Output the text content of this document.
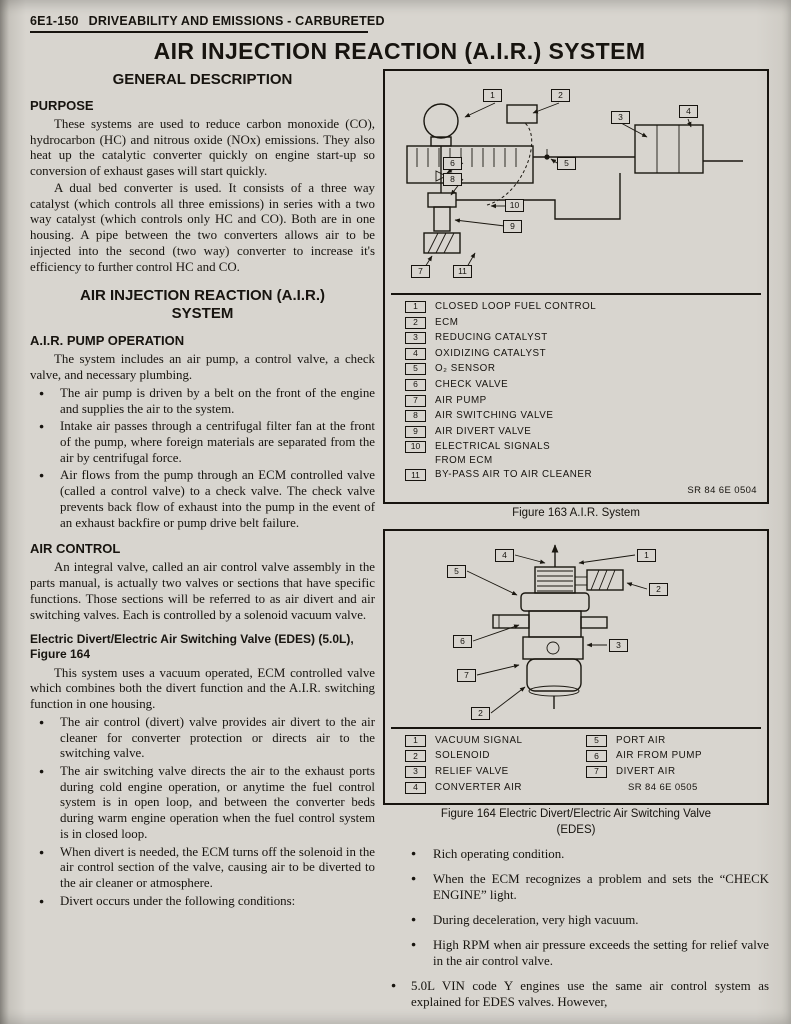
6E1-150 DRIVEABILITY AND EMISSIONS - CARBURETED
AIR INJECTION REACTION (A.I.R.) SYSTEM
GENERAL DESCRIPTION
PURPOSE

These systems are used to reduce carbon monoxide (CO), hydrocarbon (HC) and nitrous oxide (NOx) emissions. They also heat up the catalytic converter quickly on engine start-up so conversion of exhaust gases will start quickly.

A dual bed converter is used. It consists of a three way catalyst (which controls all three emissions) in series with a two way catalyst (which controls only HC and CO). Both are in one housing. A pipe between the two converters allows air to be injected into the second (two way) converter to increase it's efficiency to further control HC and CO.

AIR INJECTION REACTION (A.I.R.) SYSTEM
A.I.R. PUMP OPERATION

The system includes an air pump, a control valve, a check valve, and necessary plumbing.

● The air pump is driven by a belt on the front of the engine and supplies the air to the system.
● Intake air passes through a centrifugal filter fan at the front of the pump, where foreign materials are separated from the air by centrifugal force.
● Air flows from the pump through an ECM controlled valve (called a control valve) to a check valve. The check valve prevents back flow of exhaust into the pump in the event of an exhaust backfire or pump drive belt failure.
AIR CONTROL

An integral valve, called an air control valve assembly in the parts manual, is actually two valves or sections that have specific functions. Those sections will be referred to as air divert and air switching valves. Each is controlled by a solenoid vacuum valve.

Electric Divert/Electric Air Switching Valve (EDES) (5.0L), Figure 164

This system uses a vacuum operated, ECM controlled valve which combines both the divert function and the A.I.R. switching function in one housing.

● The air control (divert) valve provides air divert to the air cleaner for converter protection or directs air to the switching valve.
● The air switching valve directs the air to the exhaust ports during cold engine operation, or anytime the fuel control system is in open loop, and between the converter beds during warm engine operation when the fuel control system is in closed loop.
● When divert is needed, the ECM turns off the solenoid in the air control section of the valve, causing air to be diverted to the air cleaner or atmosphere.
● Divert occurs under the following conditions:
1	2
3
4
5
6
7
8
9
10
11
1	CLOSED LOOP FUEL CONTROL
2	ECM
3	REDUCING CATALYST
4	OXIDIZING CATALYST
5	O₂ SENSOR
6	CHECK VALVE
7	AIR PUMP
8	AIR SWITCHING VALVE
9	AIR DIVERT VALVE
10	ELECTRICAL SIGNALS
FROM ECM
11	BY-PASS AIR TO AIR CLEANER
SR 84 6E 0504
Figure 163 A.I.R. System
4	1
5
2
6	3
7
2
1	VACUUM SIGNAL
2	SOLENOID
3	RELIEF VALVE
4	CONVERTER AIR
5	PORT AIR
6	AIR FROM PUMP
7	DIVERT AIR
SR 84 6E 0505
Figure 164 Electric Divert/Electric Air Switching Valve
(EDES)
● Rich operating condition.
● When the ECM recognizes a problem and sets the “CHECK ENGINE” light.
● During deceleration, very high vacuum.
● High RPM when air pressure exceeds the setting for relief valve in the air control valve.
● 5.0L VIN code Y engines use the same air control system as explained for EDES valves. However,
